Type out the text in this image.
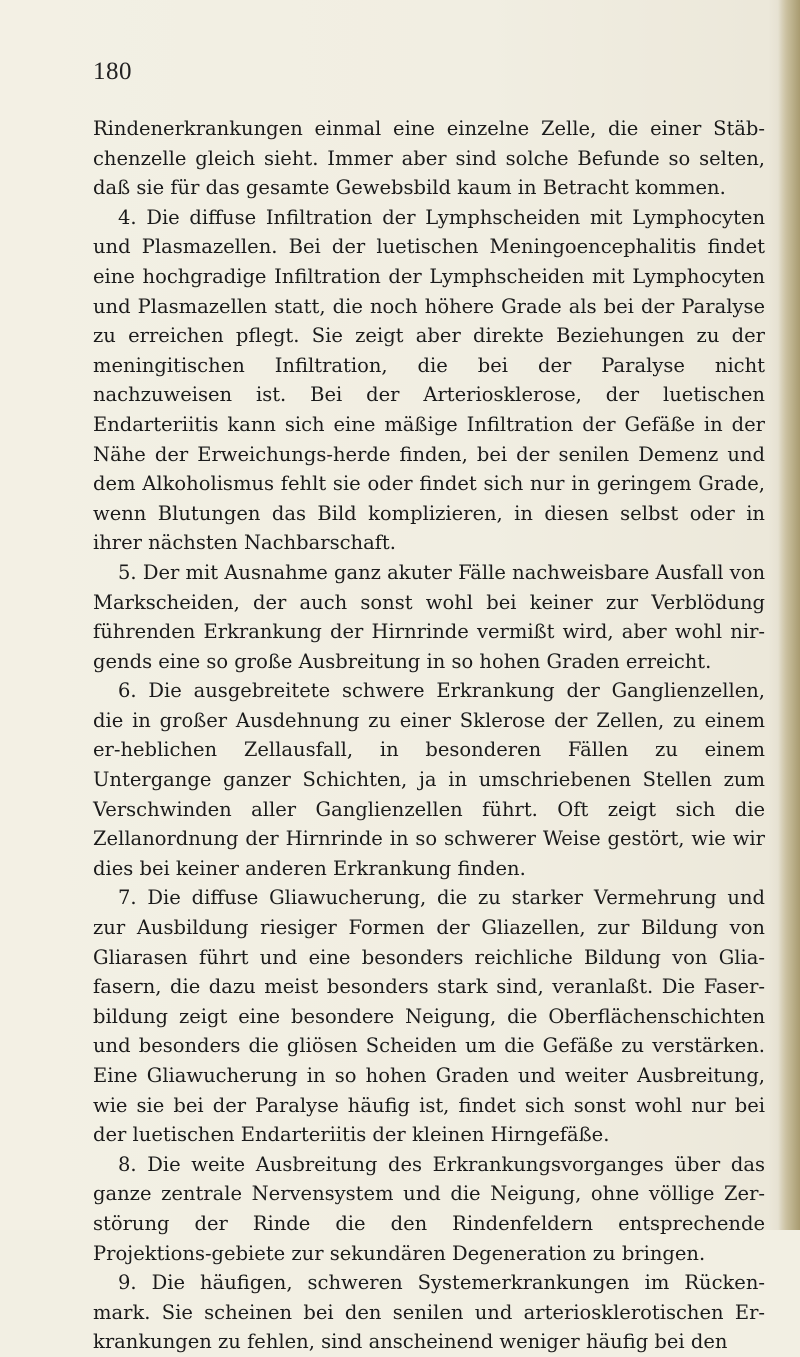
180

Rindenerkrankungen einmal eine einzelne Zelle, die einer Stäb-chenzelle gleich sieht. Immer aber sind solche Befunde so selten, daß sie für das gesamte Gewebsbild kaum in Betracht kommen.

4. Die diffuse Infiltration der Lymphscheiden mit Lymphocyten und Plasmazellen. Bei der luetischen Meningoencephalitis findet eine hochgradige Infiltration der Lymphscheiden mit Lymphocyten und Plasmazellen statt, die noch höhere Grade als bei der Paralyse zu erreichen pflegt. Sie zeigt aber direkte Beziehungen zu der meningitischen Infiltration, die bei der Paralyse nicht nachzuweisen ist. Bei der Arteriosklerose, der luetischen Endarteriitis kann sich eine mäßige Infiltration der Gefäße in der Nähe der Erweichungs-herde finden, bei der senilen Demenz und dem Alkoholismus fehlt sie oder findet sich nur in geringem Grade, wenn Blutungen das Bild komplizieren, in diesen selbst oder in ihrer nächsten Nachbarschaft.

5. Der mit Ausnahme ganz akuter Fälle nachweisbare Ausfall von Markscheiden, der auch sonst wohl bei keiner zur Verblödung führenden Erkrankung der Hirnrinde vermißt wird, aber wohl nir-gends eine so große Ausbreitung in so hohen Graden erreicht.

6. Die ausgebreitete schwere Erkrankung der Ganglienzellen, die in großer Ausdehnung zu einer Sklerose der Zellen, zu einem er-heblichen Zellausfall, in besonderen Fällen zu einem Untergange ganzer Schichten, ja in umschriebenen Stellen zum Verschwinden aller Ganglienzellen führt. Oft zeigt sich die Zellanordnung der Hirnrinde in so schwerer Weise gestört, wie wir dies bei keiner anderen Erkrankung finden.

7. Die diffuse Gliawucherung, die zu starker Vermehrung und zur Ausbildung riesiger Formen der Gliazellen, zur Bildung von Gliarasen führt und eine besonders reichliche Bildung von Glia-fasern, die dazu meist besonders stark sind, veranlaßt. Die Faser-bildung zeigt eine besondere Neigung, die Oberflächenschichten und besonders die gliösen Scheiden um die Gefäße zu verstärken. Eine Gliawucherung in so hohen Graden und weiter Ausbreitung, wie sie bei der Paralyse häufig ist, findet sich sonst wohl nur bei der luetischen Endarteriitis der kleinen Hirngefäße.

8. Die weite Ausbreitung des Erkrankungsvorganges über das ganze zentrale Nervensystem und die Neigung, ohne völlige Zer-störung der Rinde die den Rindenfeldern entsprechende Projektions-gebiete zur sekundären Degeneration zu bringen.

9. Die häufigen, schweren Systemerkrankungen im Rücken-mark. Sie scheinen bei den senilen und arteriosklerotischen Er-krankungen zu fehlen, sind anscheinend weniger häufig bei den
